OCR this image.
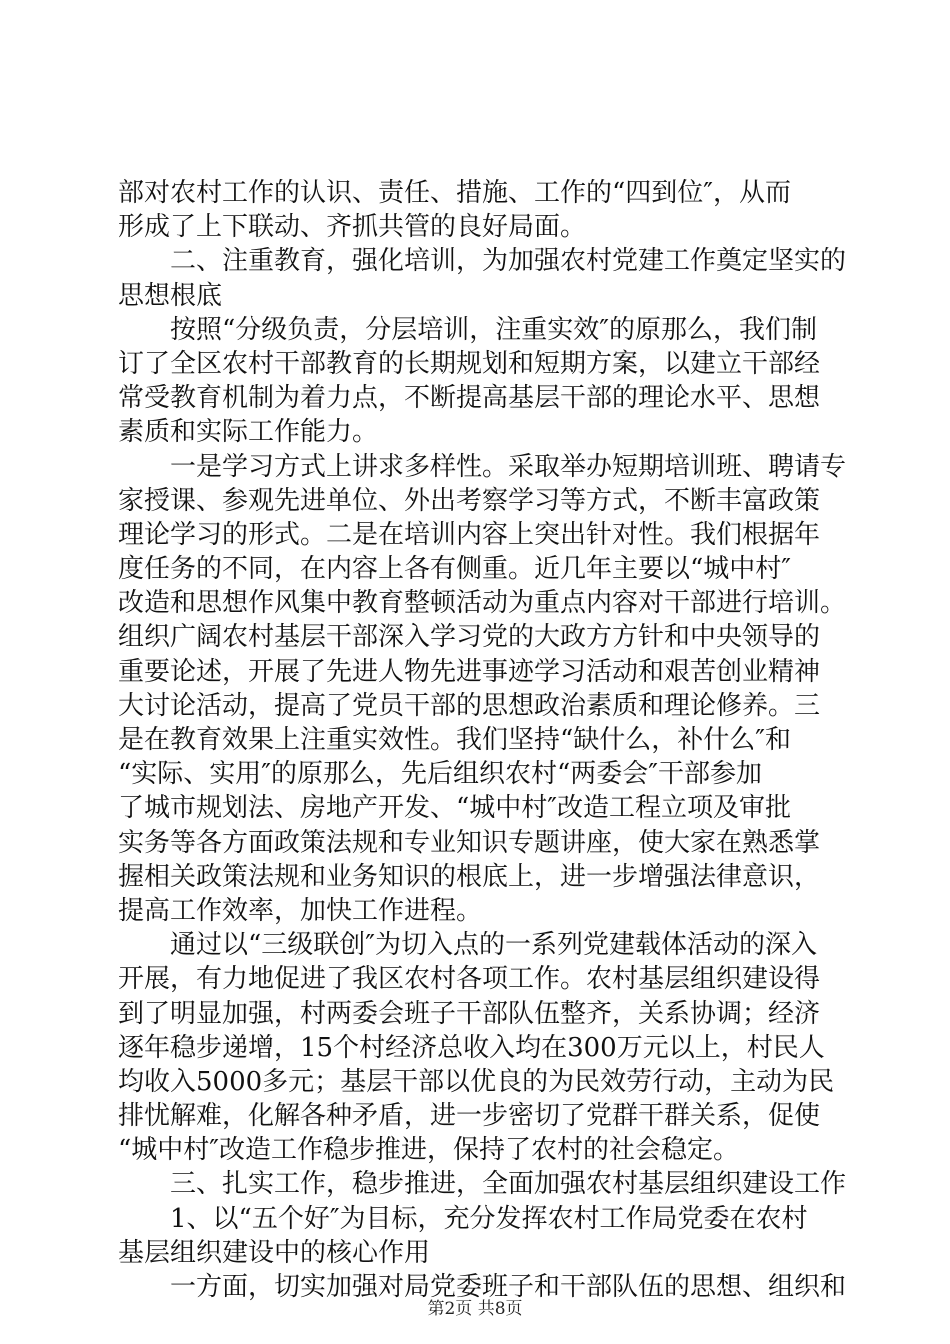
部对农村工作的认识、责任、措施、工作的“四到位″，从而
形成了上下联动、齐抓共管的良好局面。
　　二、注重教育，强化培训，为加强农村党建工作奠定坚实的
思想根底
　　按照“分级负责，分层培训，注重实效″的原那么，我们制
订了全区农村干部教育的长期规划和短期方案，以建立干部经
常受教育机制为着力点，不断提高基层干部的理论水平、思想
素质和实际工作能力。
　　一是学习方式上讲求多样性。采取举办短期培训班、聘请专
家授课、参观先进单位、外出考察学习等方式，不断丰富政策
理论学习的形式。二是在培训内容上突出针对性。我们根据年
度任务的不同，在内容上各有侧重。近几年主要以“城中村″
改造和思想作风集中教育整顿活动为重点内容对干部进行培训。
组织广阔农村基层干部深入学习党的大政方方针和中央领导的
重要论述，开展了先进人物先进事迹学习活动和艰苦创业精神
大讨论活动，提高了党员干部的思想政治素质和理论修养。三
是在教育效果上注重实效性。我们坚持“缺什么，补什么″和
“实际、实用″的原那么，先后组织农村“两委会″干部参加
了城市规划法、房地产开发、“城中村″改造工程立项及审批
实务等各方面政策法规和专业知识专题讲座，使大家在熟悉掌
握相关政策法规和业务知识的根底上，进一步增强法律意识，
提高工作效率，加快工作进程。
　　通过以“三级联创″为切入点的一系列党建载体活动的深入
开展，有力地促进了我区农村各项工作。农村基层组织建设得
到了明显加强，村两委会班子干部队伍整齐，关系协调；经济
逐年稳步递增，15个村经济总收入均在300万元以上，村民人
均收入5000多元；基层干部以优良的为民效劳行动，主动为民
排忧解难，化解各种矛盾，进一步密切了党群干群关系，促使
“城中村″改造工作稳步推进，保持了农村的社会稳定。
　　三、扎实工作，稳步推进，全面加强农村基层组织建设工作
　　1、以“五个好″为目标，充分发挥农村工作局党委在农村
基层组织建设中的核心作用
　　一方面，切实加强对局党委班子和干部队伍的思想、组织和
第2页 共8页
